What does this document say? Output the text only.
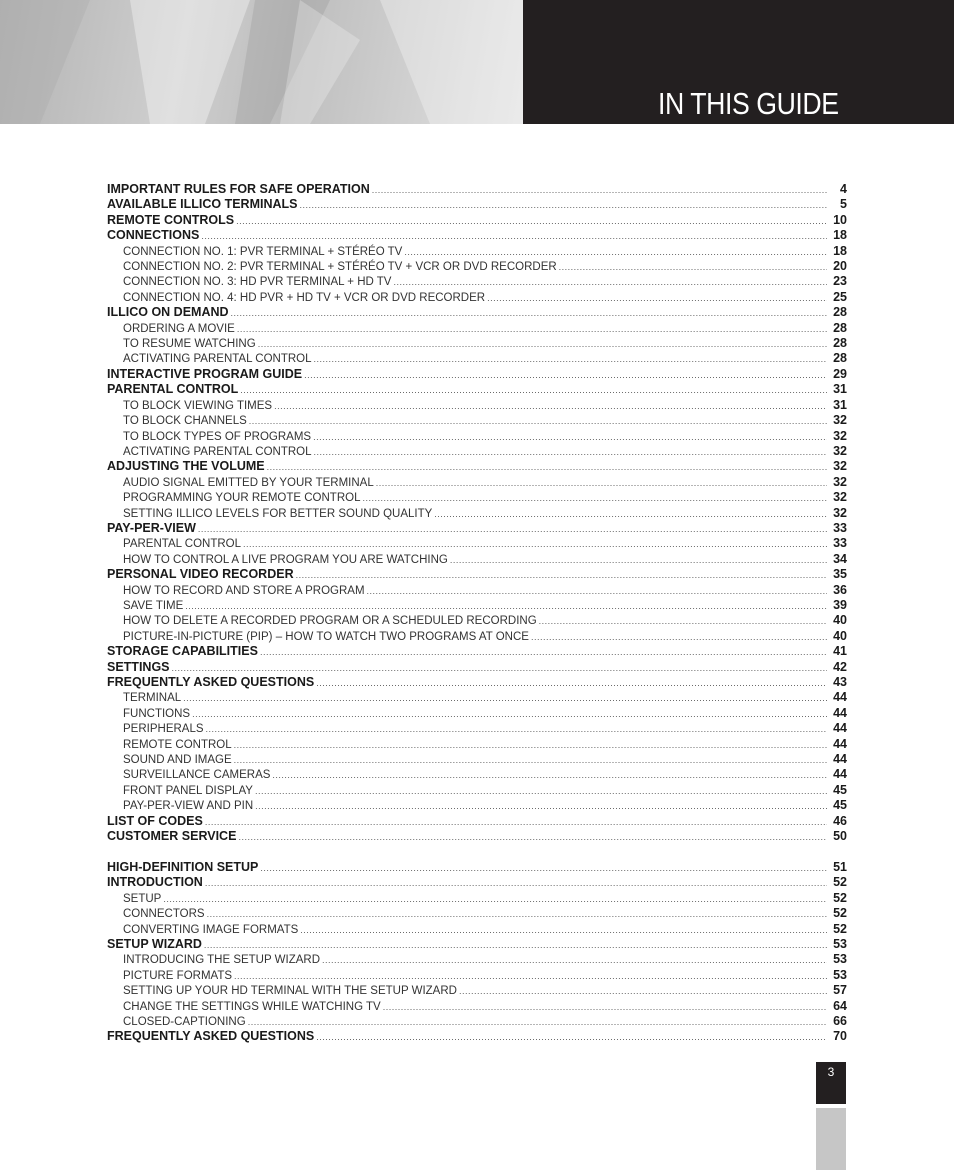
IN THIS GUIDE
IMPORTANT RULES FOR SAFE OPERATION .....	4
AVAILABLE ILLICO TERMINALS .....	5
REMOTE CONTROLS .....	10
CONNECTIONS .....	18
CONNECTION NO. 1: PVR TERMINAL + STÉRÉO TV .....	18
CONNECTION NO. 2: PVR TERMINAL + STÉRÉO TV + VCR OR DVD RECORDER .....	20
CONNECTION NO. 3: HD PVR TERMINAL + HD TV .....	23
CONNECTION NO. 4: HD PVR + HD TV + VCR OR DVD RECORDER .....	25
ILLICO ON DEMAND .....	28
ORDERING A MOVIE .....	28
TO RESUME WATCHING .....	28
ACTIVATING PARENTAL CONTROL .....	28
INTERACTIVE PROGRAM GUIDE .....	29
PARENTAL CONTROL .....	31
TO BLOCK VIEWING TIMES .....	31
TO BLOCK CHANNELS .....	32
TO BLOCK TYPES OF PROGRAMS .....	32
ACTIVATING PARENTAL CONTROL .....	32
ADJUSTING THE VOLUME .....	32
AUDIO SIGNAL EMITTED BY YOUR TERMINAL .....	32
PROGRAMMING YOUR REMOTE CONTROL .....	32
SETTING ILLICO LEVELS FOR BETTER SOUND QUALITY .....	32
PAY-PER-VIEW .....	33
PARENTAL CONTROL .....	33
HOW TO CONTROL A LIVE PROGRAM YOU ARE WATCHING .....	34
PERSONAL VIDEO RECORDER .....	35
HOW TO RECORD AND STORE A PROGRAM .....	36
SAVE TIME .....	39
HOW TO DELETE A RECORDED PROGRAM OR A SCHEDULED RECORDING .....	40
PICTURE-IN-PICTURE (PIP) – HOW TO WATCH TWO PROGRAMS AT ONCE .....	40
STORAGE CAPABILITIES .....	41
SETTINGS .....	42
FREQUENTLY ASKED QUESTIONS .....	43
TERMINAL .....	44
FUNCTIONS .....	44
PERIPHERALS .....	44
REMOTE CONTROL .....	44
SOUND AND IMAGE .....	44
SURVEILLANCE CAMERAS .....	44
FRONT PANEL DISPLAY .....	45
PAY-PER-VIEW AND PIN .....	45
LIST OF CODES .....	46
CUSTOMER SERVICE .....	50
HIGH-DEFINITION SETUP .....	51
INTRODUCTION .....	52
SETUP .....	52
CONNECTORS .....	52
CONVERTING IMAGE FORMATS .....	52
SETUP WIZARD .....	53
INTRODUCING THE SETUP WIZARD .....	53
PICTURE FORMATS .....	53
SETTING UP YOUR HD TERMINAL WITH THE SETUP WIZARD .....	57
CHANGE THE SETTINGS WHILE WATCHING TV .....	64
CLOSED-CAPTIONING .....	66
FREQUENTLY ASKED QUESTIONS .....	70
3
